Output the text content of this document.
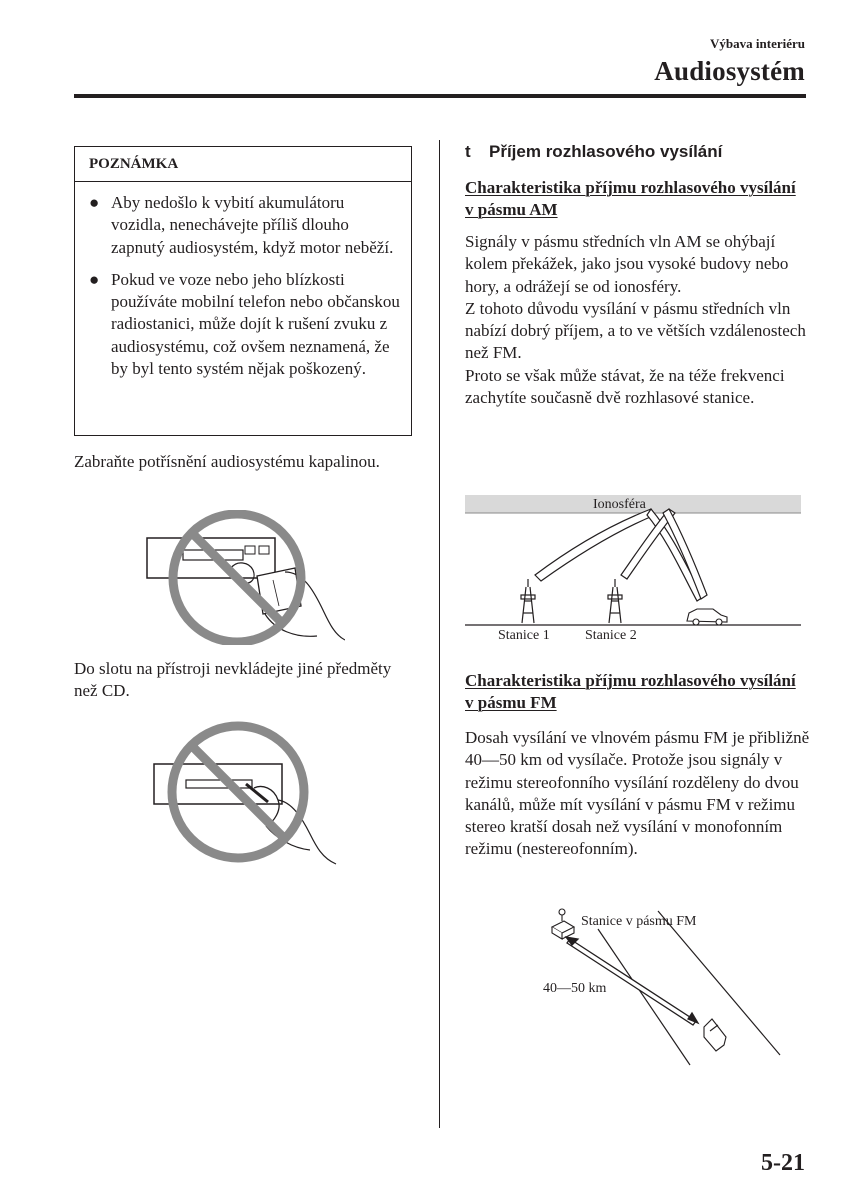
Výbava interiéru
Audiosystém
POZNÁMKA
● Aby nedošlo k vybití akumulátoru vozidla, nenechávejte příliš dlouho zapnutý audiosystém, když motor neběží.
● Pokud ve voze nebo jeho blízkosti používáte mobilní telefon nebo občanskou radiostanici, může dojít k rušení zvuku z audiosystému, což ovšem neznamená, že by byl tento systém nějak poškozený.

Zabraňte potřísnění audiosystému kapalinou.

Do slotu na přístroji nevkládejte jiné předměty než CD.

t Příjem rozhlasového vysílání
Charakteristika příjmu rozhlasového vysílání v pásmu AM

Signály v pásmu středních vln AM se ohýbají kolem překážek, jako jsou vysoké budovy nebo hory, a odrážejí se od ionosféry.
Z tohoto důvodu vysílání v pásmu středních vln nabízí dobrý příjem, a to ve větších vzdálenostech než FM.
Proto se však může stávat, že na téže frekvenci zachytíte současně dvě rozhlasové stanice.

Ionosféra
Stanice 1	Stanice 2
Charakteristika příjmu rozhlasového vysílání v pásmu FM

Dosah vysílání ve vlnovém pásmu FM je přibližně 40―50 km od vysílače. Protože jsou signály v režimu stereofonního vysílání rozděleny do dvou kanálů, může mít vysílání v pásmu FM v režimu stereo kratší dosah než vysílání v monofonním režimu (nestereofonním).

Stanice v pásmu FM
40—50 km
5-21
